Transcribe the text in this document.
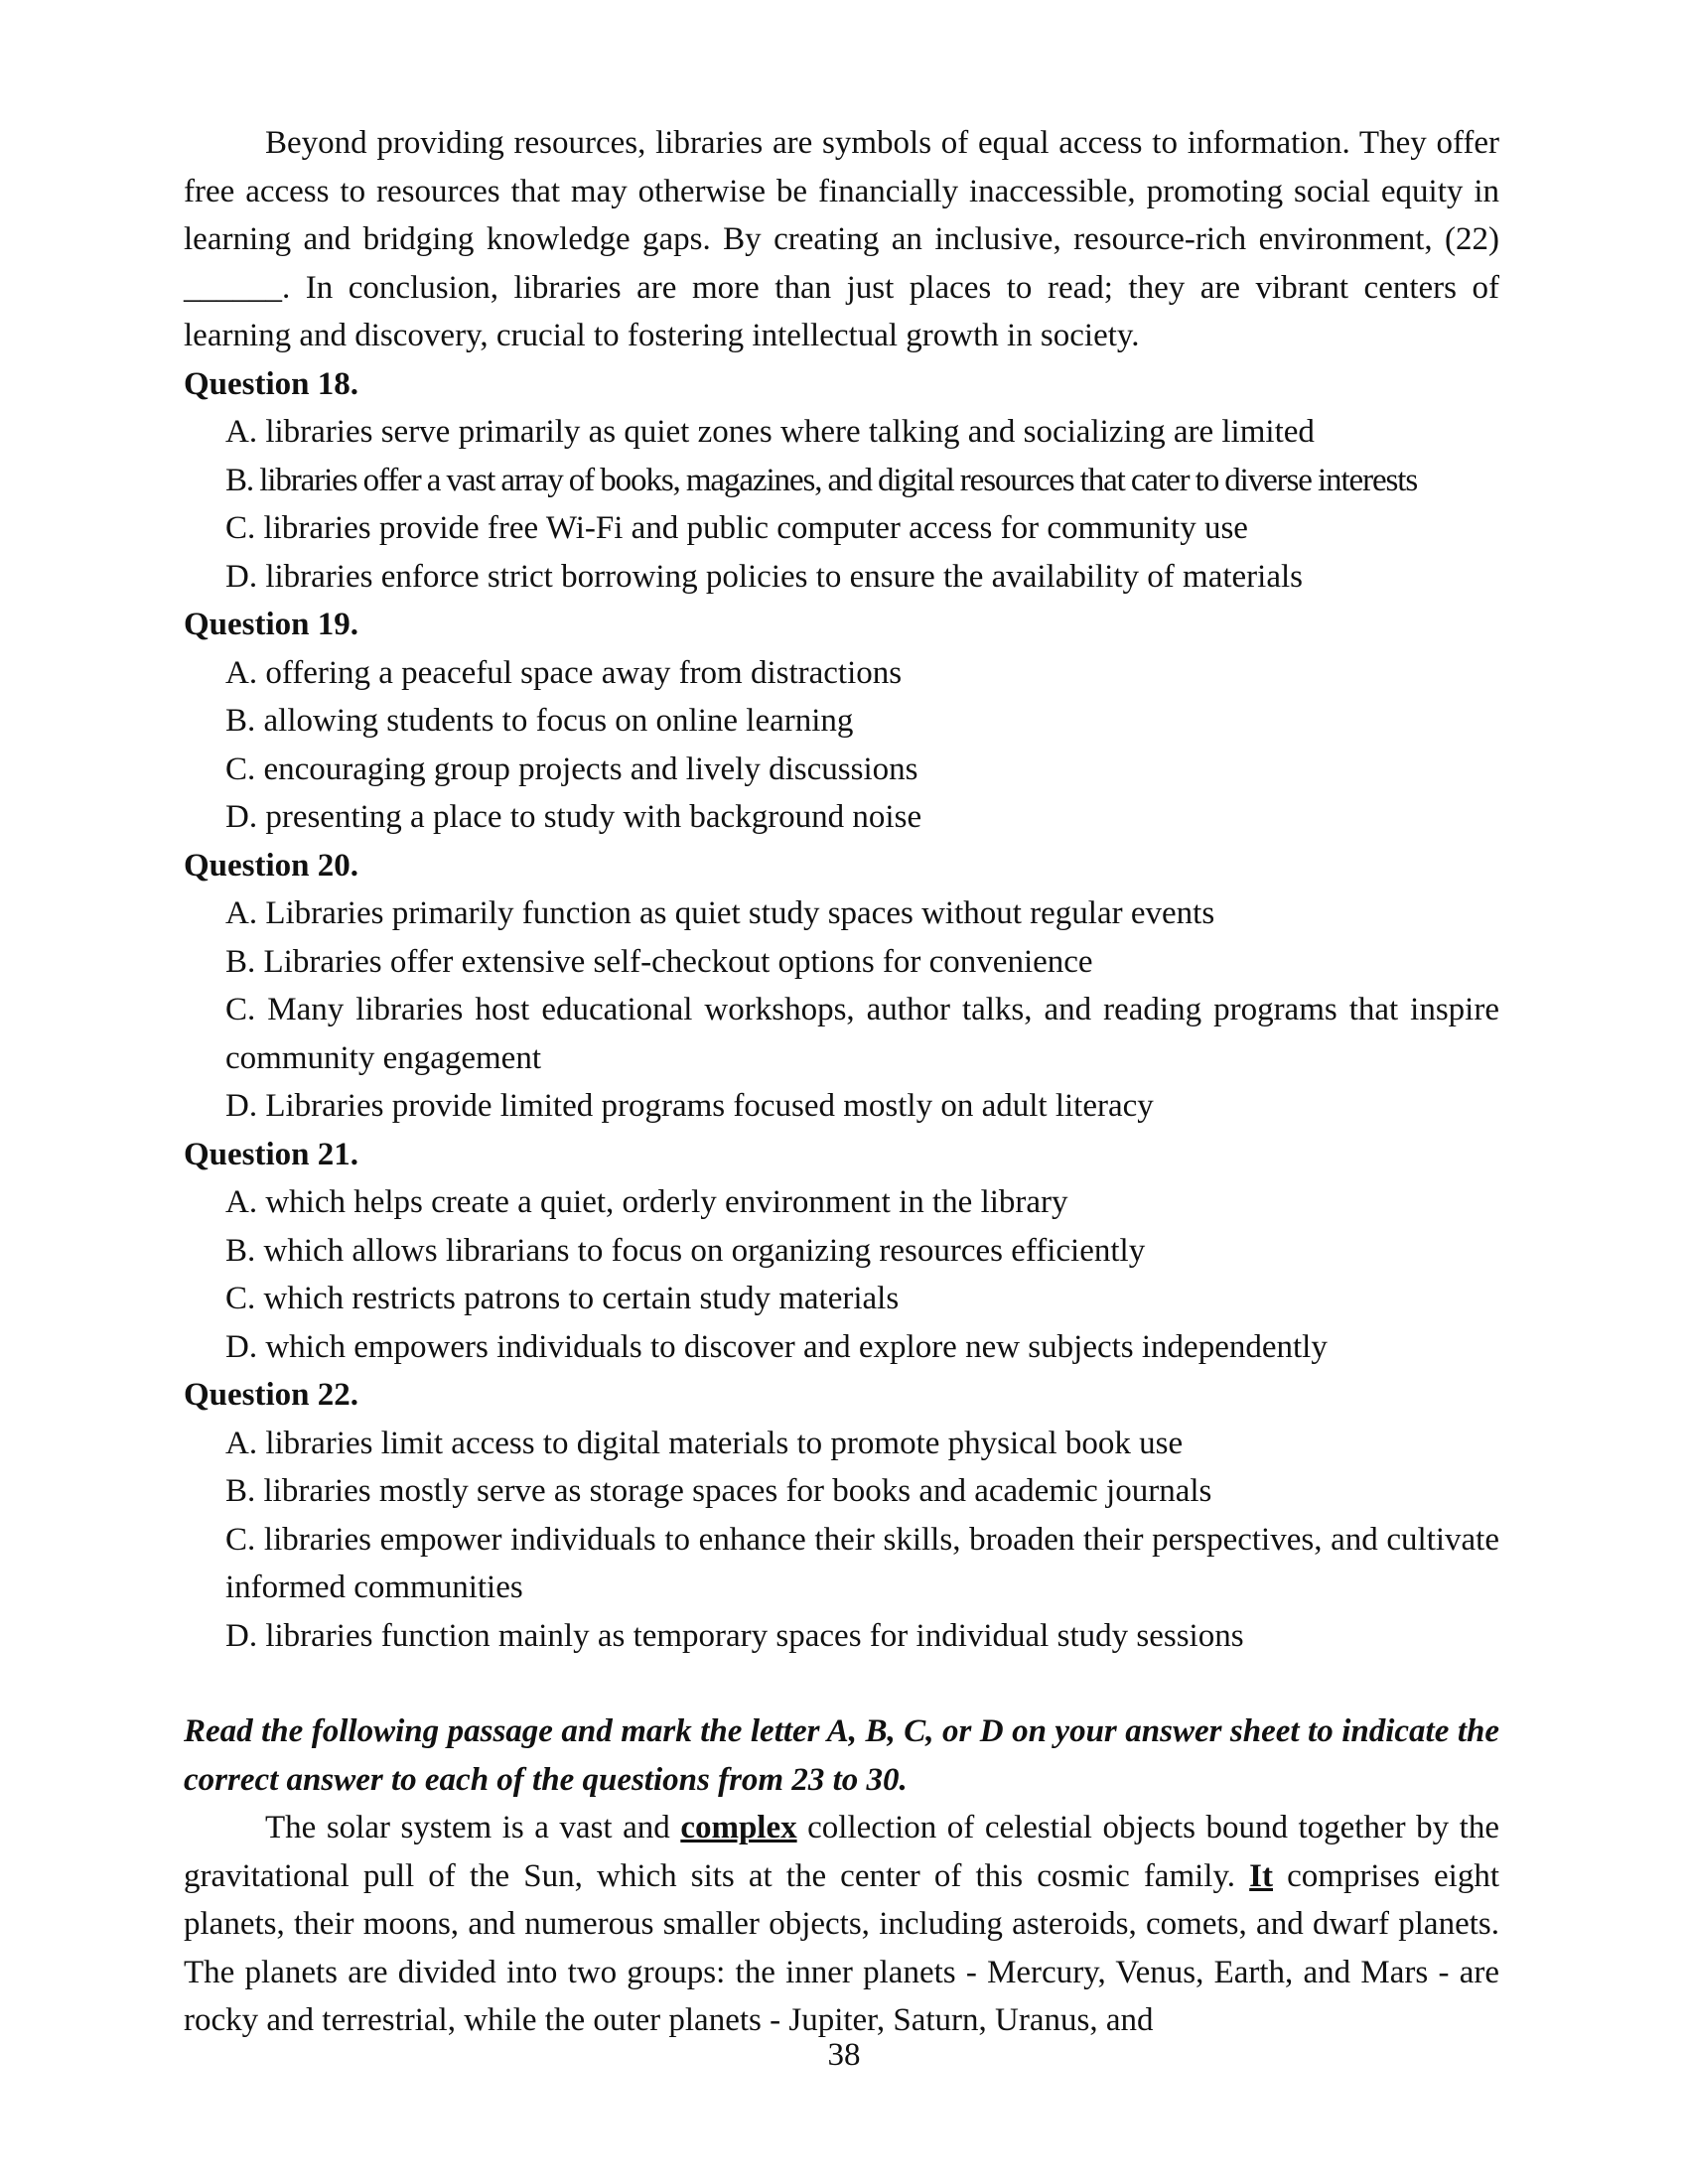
Beyond providing resources, libraries are symbols of equal access to information. They offer free access to resources that may otherwise be financially inaccessible, promoting social equity in learning and bridging knowledge gaps. By creating an inclusive, resource-rich environment, (22) ______. In conclusion, libraries are more than just places to read; they are vibrant centers of learning and discovery, crucial to fostering intellectual growth in society.

Question 18.

A. libraries serve primarily as quiet zones where talking and socializing are limited

B. libraries offer a vast array of books, magazines, and digital resources that cater to diverse interests

C. libraries provide free Wi-Fi and public computer access for community use

D. libraries enforce strict borrowing policies to ensure the availability of materials

Question 19.

A. offering a peaceful space away from distractions

B. allowing students to focus on online learning

C. encouraging group projects and lively discussions

D. presenting a place to study with background noise

Question 20.

A. Libraries primarily function as quiet study spaces without regular events

B. Libraries offer extensive self-checkout options for convenience

C. Many libraries host educational workshops, author talks, and reading programs that inspire community engagement

D. Libraries provide limited programs focused mostly on adult literacy

Question 21.

A. which helps create a quiet, orderly environment in the library

B. which allows librarians to focus on organizing resources efficiently

C. which restricts patrons to certain study materials

D. which empowers individuals to discover and explore new subjects independently

Question 22.

A. libraries limit access to digital materials to promote physical book use

B. libraries mostly serve as storage spaces for books and academic journals

C. libraries empower individuals to enhance their skills, broaden their perspectives, and cultivate informed communities

D. libraries function mainly as temporary spaces for individual study sessions

Read the following passage and mark the letter A, B, C, or D on your answer sheet to indicate the correct answer to each of the questions from 23 to 30.

The solar system is a vast and complex collection of celestial objects bound together by the gravitational pull of the Sun, which sits at the center of this cosmic family. It comprises eight planets, their moons, and numerous smaller objects, including asteroids, comets, and dwarf planets. The planets are divided into two groups: the inner planets - Mercury, Venus, Earth, and Mars - are rocky and terrestrial, while the outer planets - Jupiter, Saturn, Uranus, and

38
